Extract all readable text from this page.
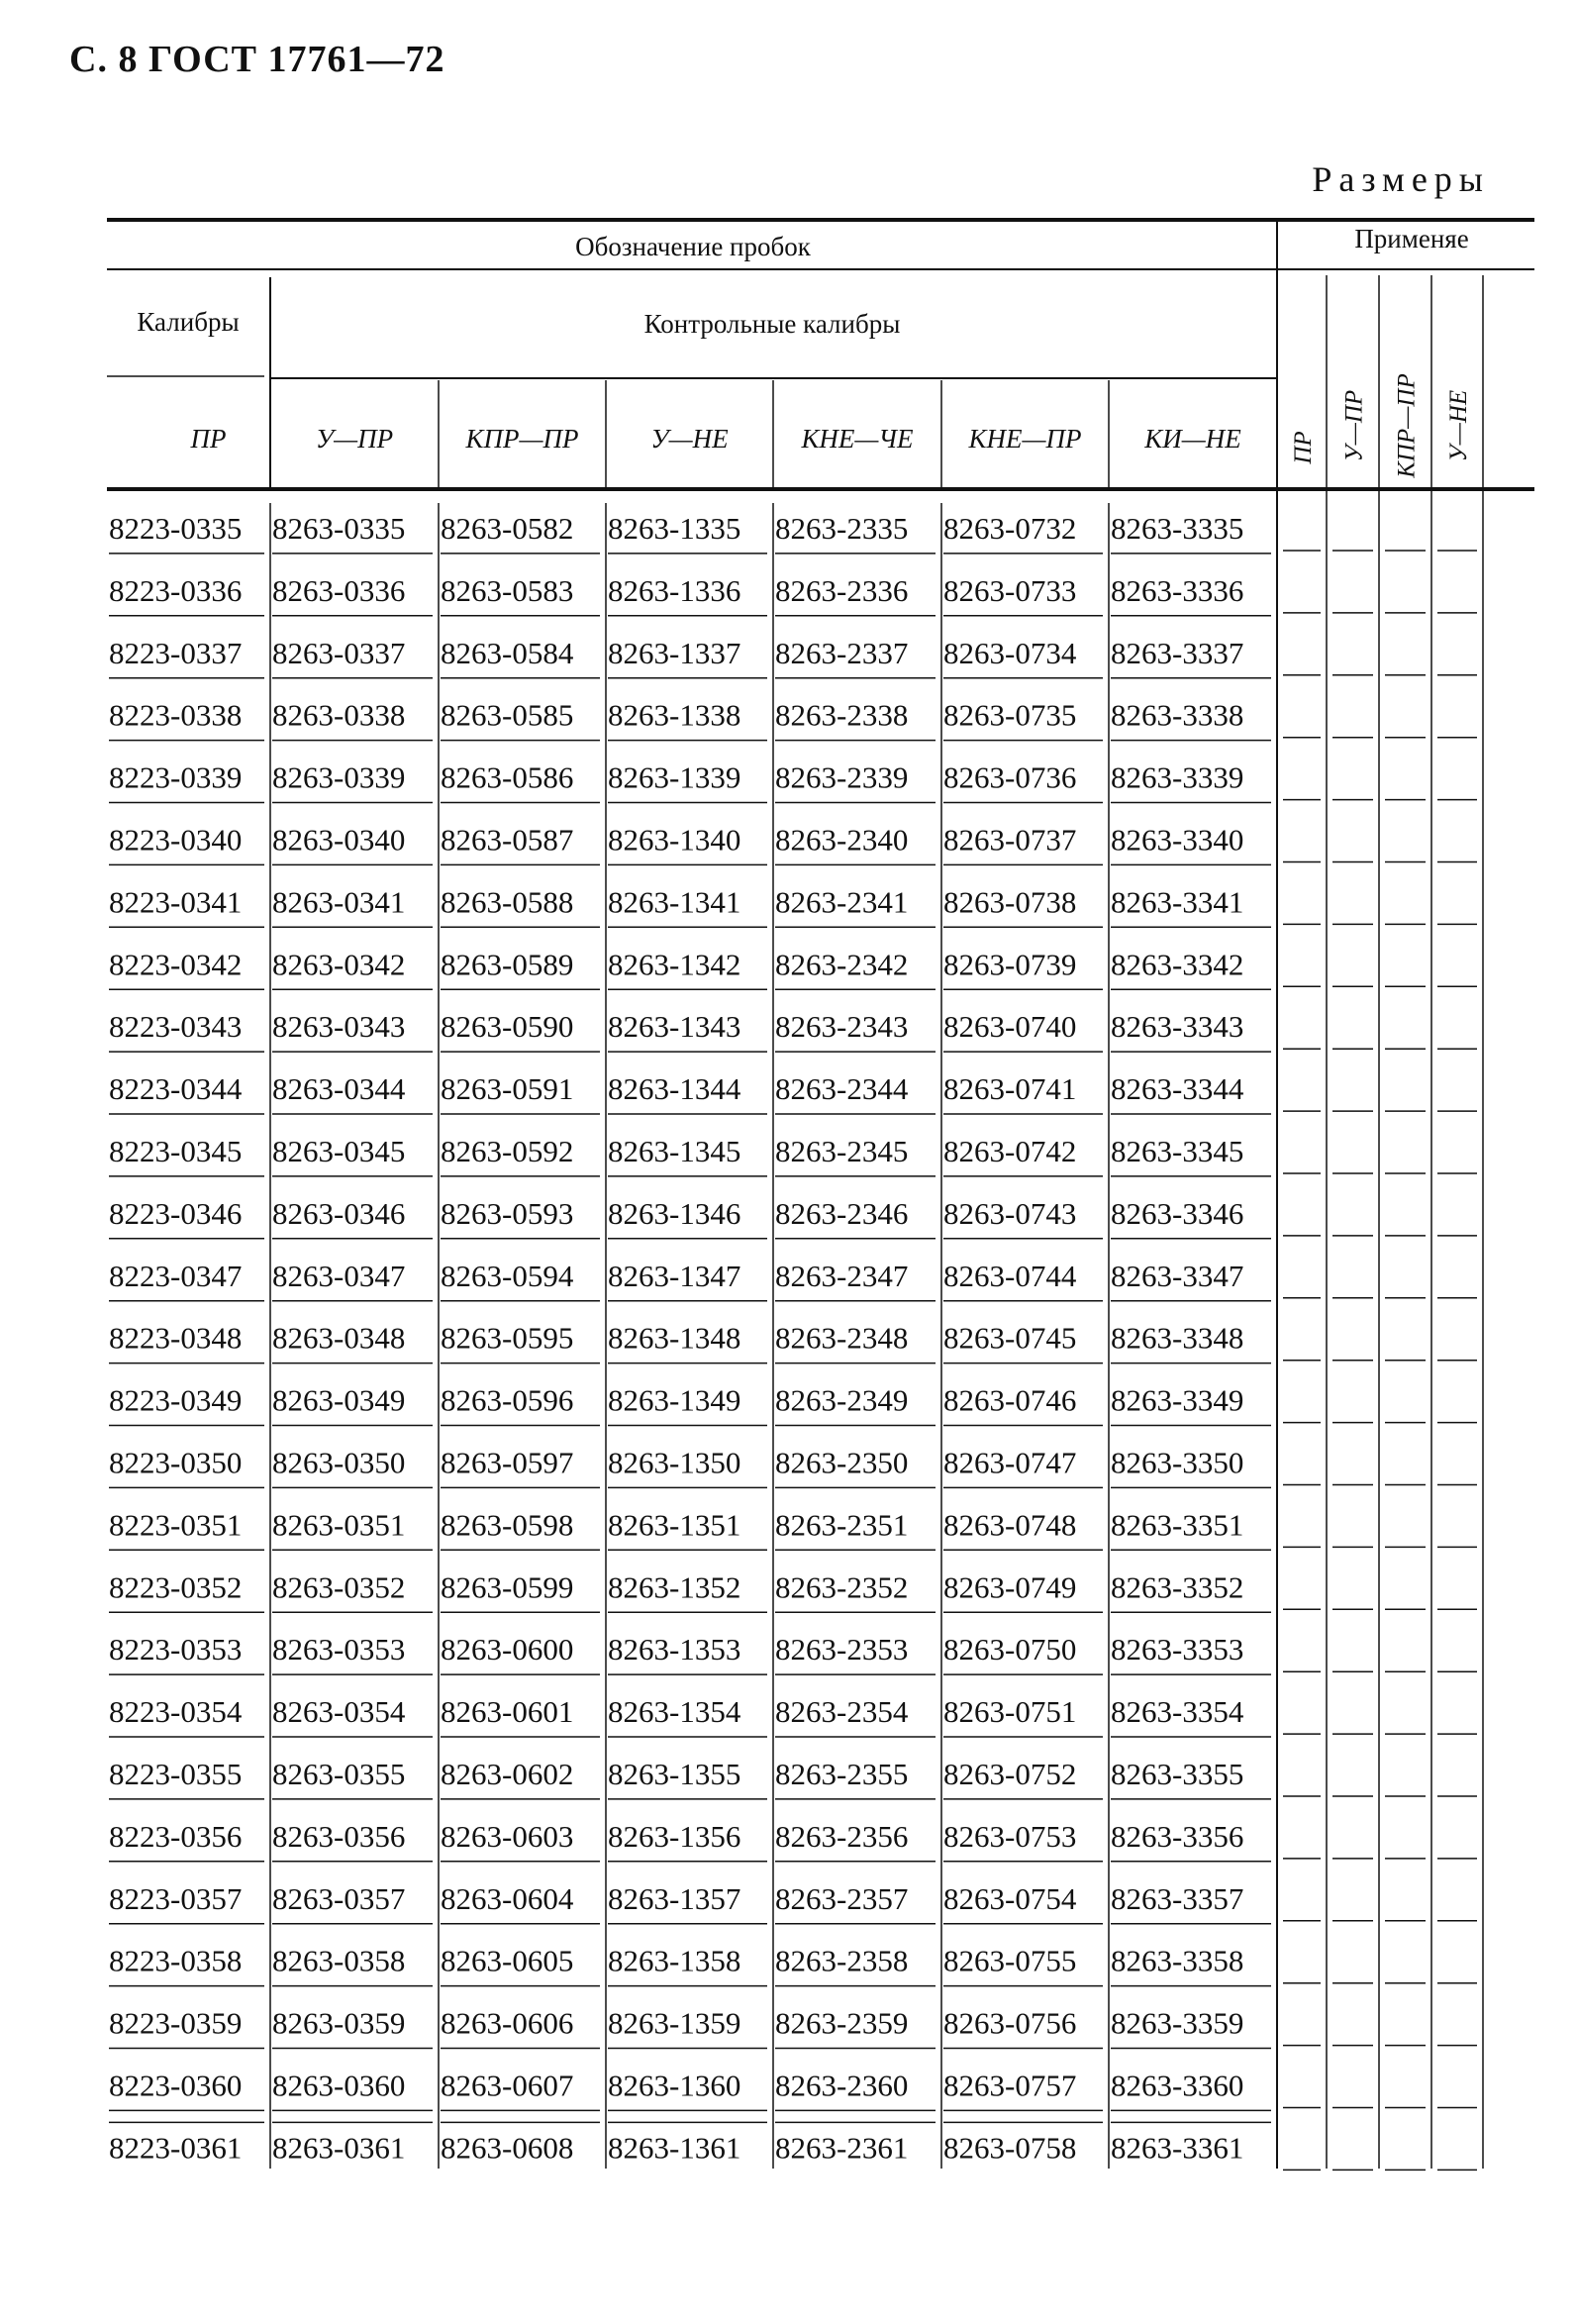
С. 8 ГОСТ 17761—72
Размеры
Обозначение пробок	Применяе
Калибры	Контрольные калибры
ПР	У—ПР	КПР—ПР	У—НЕ	КНЕ—ЧЕ КНЕ—ПР КИ—НЕ ПР У—ПР КПР—ПР У—НЕ
8223-0335 8263-0335 8263-0582 8263-1335 8263-2335 8263-0732 8263-3335
8223-0336 8263-0336 8263-0583 8263-1336 8263-2336 8263-0733 8263-3336
8223-0337 8263-0337 8263-0584 8263-1337 8263-2337 8263-0734 8263-3337
8223-0338 8263-0338 8263-0585 8263-1338 8263-2338 8263-0735 8263-3338
8223-0339 8263-0339 8263-0586 8263-1339 8263-2339 8263-0736 8263-3339
8223-0340 8263-0340 8263-0587 8263-1340 8263-2340 8263-0737 8263-3340
8223-0341 8263-0341 8263-0588 8263-1341 8263-2341 8263-0738 8263-3341
8223-0342 8263-0342 8263-0589 8263-1342 8263-2342 8263-0739 8263-3342
8223-0343 8263-0343 8263-0590 8263-1343 8263-2343 8263-0740 8263-3343
8223-0344 8263-0344 8263-0591 8263-1344 8263-2344 8263-0741 8263-3344
8223-0345 8263-0345 8263-0592 8263-1345 8263-2345 8263-0742 8263-3345
8223-0346 8263-0346 8263-0593 8263-1346 8263-2346 8263-0743 8263-3346
8223-0347 8263-0347 8263-0594 8263-1347 8263-2347 8263-0744 8263-3347
8223-0348 8263-0348 8263-0595 8263-1348 8263-2348 8263-0745 8263-3348
8223-0349 8263-0349 8263-0596 8263-1349 8263-2349 8263-0746 8263-3349
8223-0350 8263-0350 8263-0597 8263-1350 8263-2350 8263-0747 8263-3350
8223-0351 8263-0351 8263-0598 8263-1351 8263-2351 8263-0748 8263-3351
8223-0352 8263-0352 8263-0599 8263-1352 8263-2352 8263-0749 8263-3352
8223-0353 8263-0353 8263-0600 8263-1353 8263-2353 8263-0750 8263-3353
8223-0354 8263-0354 8263-0601 8263-1354 8263-2354 8263-0751 8263-3354
8223-0355 8263-0355 8263-0602 8263-1355 8263-2355 8263-0752 8263-3355
8223-0356 8263-0356 8263-0603 8263-1356 8263-2356 8263-0753 8263-3356
8223-0357 8263-0357 8263-0604 8263-1357 8263-2357 8263-0754 8263-3357
8223-0358 8263-0358 8263-0605 8263-1358 8263-2358 8263-0755 8263-3358
8223-0359 8263-0359 8263-0606 8263-1359 8263-2359 8263-0756 8263-3359
8223-0360 8263-0360 8263-0607 8263-1360 8263-2360 8263-0757 8263-3360
8223-0361 8263-0361 8263-0608 8263-1361 8263-2361 8263-0758 8263-3361
